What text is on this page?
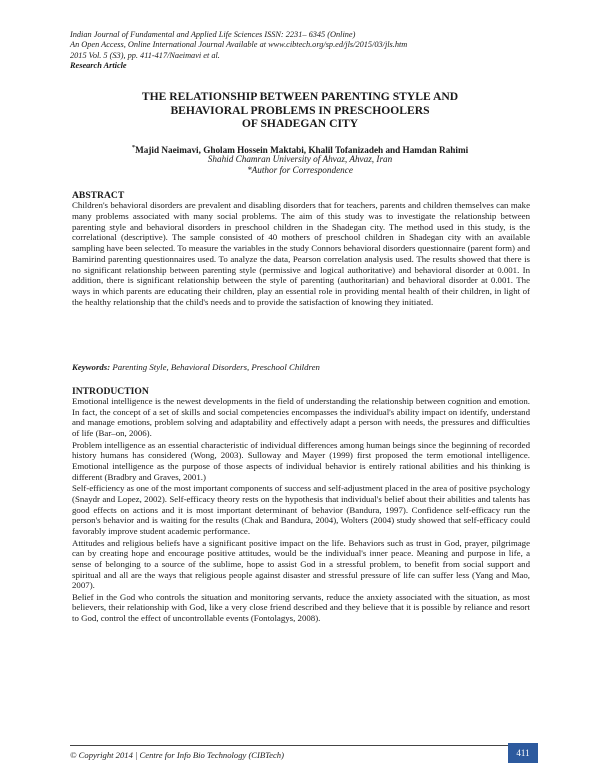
Indian Journal of Fundamental and Applied Life Sciences ISSN: 2231– 6345 (Online)
An Open Access, Online International Journal Available at www.cibtech.org/sp.ed/jls/2015/03/jls.htm
2015 Vol. 5 (S3), pp. 411-417/Naeimavi et al.
Research Article
THE RELATIONSHIP BETWEEN PARENTING STYLE AND
BEHAVIORAL PROBLEMS IN PRESCHOOLERS
OF SHADEGAN CITY
*Majid Naeimavi, Gholam Hossein Maktabi, Khalil Tofanizadeh and Hamdan Rahimi
Shahid Chamran University of Ahvaz, Ahvaz, Iran
*Author for Correspondence
ABSTRACT

Children's behavioral disorders are prevalent and disabling disorders that for teachers, parents and children themselves can make many problems associated with many social problems. The aim of this study was to investigate the relationship between parenting style and behavioral disorders in preschool children in the Shadegan city. The method used in this study, is the correlational (descriptive). The sample consisted of 40 mothers of preschool children in Shadegan city with an available sampling have been selected. To measure the variables in the study Connors behavioral disorders questionnaire (parent form) and Bamirind parenting questionnaires used. To analyze the data, Pearson correlation analysis used. The results showed that there is no significant relationship between parenting style (permissive and logical authoritative) and behavioral disorder at 0.001. In addition, there is significant relationship between the style of parenting (authoritarian) and behavioral disorder at 0.001. The ways in which parents are educating their children, play an essential role in providing mental health of their children, in light of the healthy relationship that the child's needs and to provide the satisfaction of knowing they initiated.

Keywords: Parenting Style, Behavioral Disorders, Preschool Children
INTRODUCTION

Emotional intelligence is the newest developments in the field of understanding the relationship between cognition and emotion. In fact, the concept of a set of skills and social competencies encompasses the individual's ability impact on identify, understand and manage emotions, problem solving and adaptability and effectively adapt a person with needs, the pressures and difficulties of life (Bar–on, 2006).

Problem intelligence as an essential characteristic of individual differences among human beings since the beginning of recorded history humans has considered (Wong, 2003). Sulloway and Mayer (1999) first proposed the term emotional intelligence. Emotional intelligence as the purpose of those aspects of individual behavior is entirely rational abilities and his thinking is different (Bradbry and Graves, 2001.)

Self-efficiency as one of the most important components of success and self-adjustment placed in the area of positive psychology (Snaydr and Lopez, 2002). Self-efficacy theory rests on the hypothesis that individual's belief about their abilities and talents has good effects on actions and it is most important determinant of behavior (Bandura, 1997). Confidence self-efficacy run the person's behavior and is waiting for the results (Chak and Bandura, 2004), Wolters (2004) study showed that self-efficacy could favorably improve student academic performance.

Attitudes and religious beliefs have a significant positive impact on the life. Behaviors such as trust in God, prayer, pilgrimage can by creating hope and encourage positive attitudes, would be the individual's inner peace. Meaning and purpose in life, a sense of belonging to a source of the sublime, hope to assist God in a stressful problem, to benefit from social support and spiritual and all are the ways that religious people against disaster and stressful pressure of life can suffer less (Yang and Mao, 2007).

Belief in the God who controls the situation and monitoring servants, reduce the anxiety associated with the situation, as most believers, their relationship with God, like a very close friend described and they believe that it is possible by reliance and resort to God, control the effect of uncontrollable events (Fontolagys, 2008).

© Copyright 2014 | Centre for Info Bio Technology (CIBTech)	411
